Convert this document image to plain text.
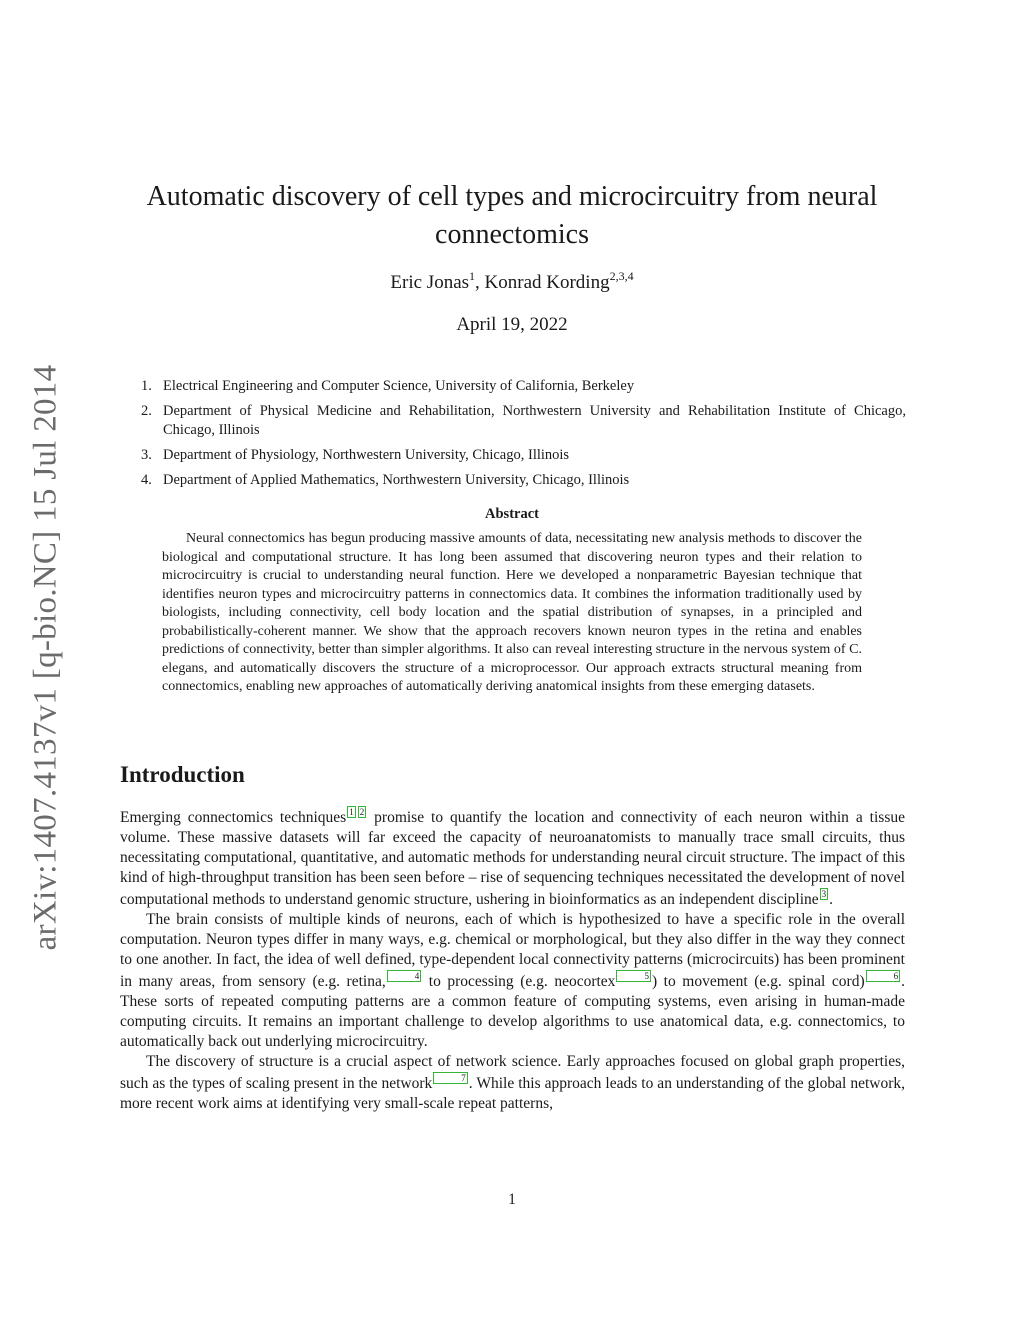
arXiv:1407.4137v1 [q-bio.NC] 15 Jul 2014
Automatic discovery of cell types and microcircuitry from neural
connectomics
Eric Jonas$^1$, Konrad Kording$^{2,3,4}$
April 19, 2022
1. Electrical Engineering and Computer Science, University of California, Berkeley
2. Department of Physical Medicine and Rehabilitation, Northwestern University and Rehabilitation Institute of Chicago, Chicago, Illinois
3. Department of Physiology, Northwestern University, Chicago, Illinois
4. Department of Applied Mathematics, Northwestern University, Chicago, Illinois
Abstract

Neural connectomics has begun producing massive amounts of data, necessitating new analysis methods to discover the biological and computational structure. It has long been assumed that discovering neuron types and their relation to microcircuitry is crucial to understanding neural function. Here we developed a nonparametric Bayesian technique that identifies neuron types and microcircuitry patterns in connectomics data. It combines the information traditionally used by biologists, including connectivity, cell body location and the spatial distribution of synapses, in a principled and probabilistically-coherent manner. We show that the approach recovers known neuron types in the retina and enables predictions of connectivity, better than simpler algorithms. It also can reveal interesting structure in the nervous system of C. elegans, and automatically discovers the structure of a microprocessor. Our approach extracts structural meaning from connectomics, enabling new approaches of automatically deriving anatomical insights from these emerging datasets.

Introduction

Emerging connectomics techniques 1 2 promise to quantify the location and connectivity of each neuron within a tissue volume. These massive datasets will far exceed the capacity of neuroanatomists to manually trace small circuits, thus necessitating computational, quantitative, and automatic methods for understanding neural circuit structure. The impact of this kind of high-throughput transition has been seen before – rise of sequencing techniques necessitated the development of novel computational methods to understand genomic structure, ushering in bioinformatics as an independent discipline 3 .

The brain consists of multiple kinds of neurons, each of which is hypothesized to have a specific role in the overall computation. Neuron types differ in many ways, e.g. chemical or morphological, but they also differ in the way they connect to one another. In fact, the idea of well defined, type-dependent local connectivity patterns (microcircuits) has been prominent in many areas, from sensory (e.g. retina,	4 to processing (e.g. neocortex	5 ) to movement (e.g. spinal cord)	6 . These sorts of repeated computing patterns are a common feature of computing systems, even arising in human-made computing circuits. It remains an important challenge to develop algorithms to use anatomical data, e.g. connectomics, to automatically back out underlying microcircuitry.

The discovery of structure is a crucial aspect of network science. Early approaches focused on global graph properties, such as the types of scaling present in the network	7 . While this approach leads to an understanding of the global network, more recent work aims at identifying very small-scale repeat patterns,

1
